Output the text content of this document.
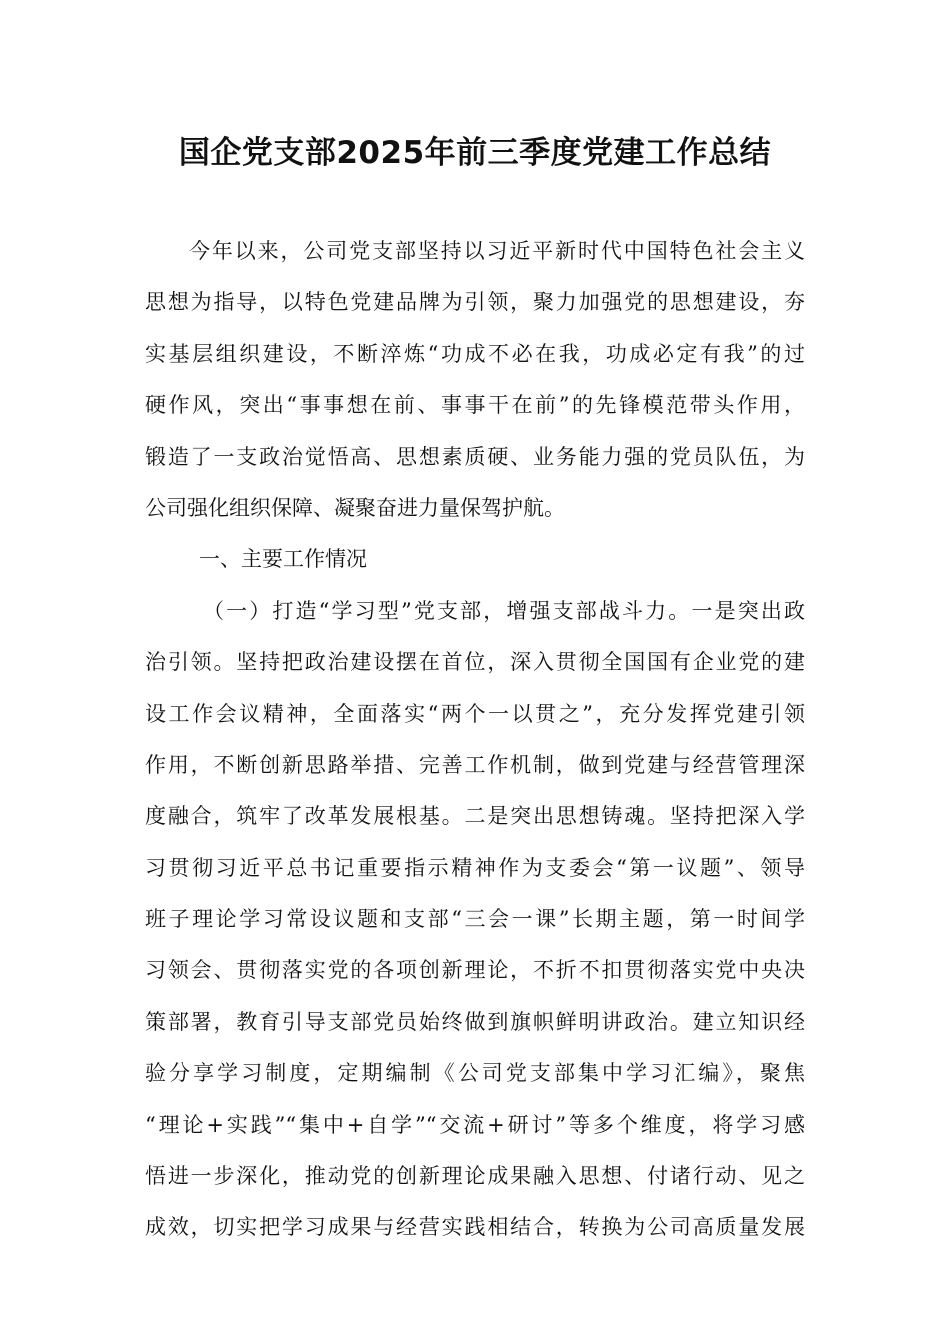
国企党支部2025年前三季度党建工作总结
今年以来，公司党支部坚持以习近平新时代中国特色社会主义
思想为指导，以特色党建品牌为引领，聚力加强党的思想建设，夯
实基层组织建设，不断淬炼“功成不必在我，功成必定有我”的过
硬作风，突出“事事想在前、事事干在前”的先锋模范带头作用，
锻造了一支政治觉悟高、思想素质硬、业务能力强的党员队伍，为
公司强化组织保障、凝聚奋进力量保驾护航。
一、主要工作情况
（一）打造“学习型”党支部，增强支部战斗力。一是突出政
治引领。坚持把政治建设摆在首位，深入贯彻全国国有企业党的建
设工作会议精神，全面落实“两个一以贯之”，充分发挥党建引领
作用，不断创新思路举措、完善工作机制，做到党建与经营管理深
度融合，筑牢了改革发展根基。二是突出思想铸魂。坚持把深入学
习贯彻习近平总书记重要指示精神作为支委会“第一议题”、领导
班子理论学习常设议题和支部“三会一课”长期主题，第一时间学
习领会、贯彻落实党的各项创新理论，不折不扣贯彻落实党中央决
策部署，教育引导支部党员始终做到旗帜鲜明讲政治。建立知识经
验分享学习制度，定期编制《公司党支部集中学习汇编》，聚焦
“理论+实践”“集中+自学”“交流+研讨”等多个维度，将学习感
悟进一步深化，推动党的创新理论成果融入思想、付诸行动、见之
成效，切实把学习成果与经营实践相结合，转换为公司高质量发展
